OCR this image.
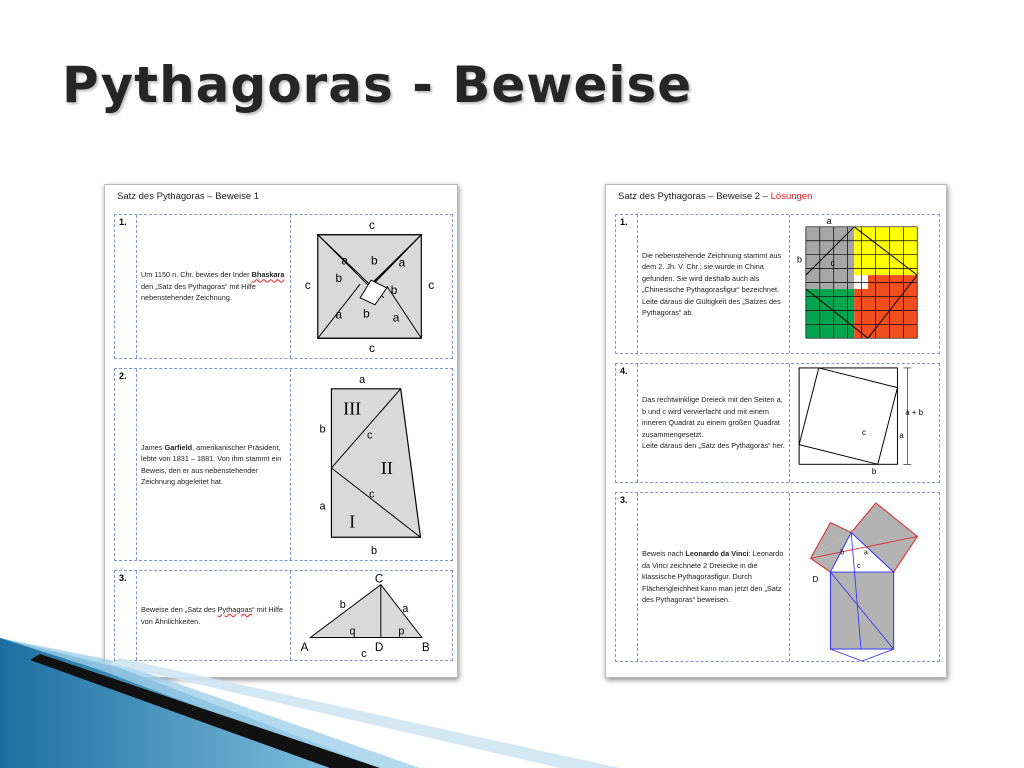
Pythagoras - Beweise
Satz des Pythagoras – Beweise 1
1.
Um 1150 n. Chr. bewies der Inder Bhaskara den „Satz des Pythagoras“ mit Hilfe nebenstehender Zeichnung.
c
c
c	c
a b a
b
b
a b a
2.
James Garfield, amerikanischer Präsident, lebte von 1831 – 1881. Von ihm stammt ein Beweis, den er aus nebenstehender Zeichnung abgeleitet hat.
a
b
b
a
c
c
III
II
I
3.
Beweise den „Satz des Pythagoas“ mit Hilfe von Ähnlichkeiten.
C
A	B
D
c
b	a
q	p
Satz des Pythagoras – Beweise 2 – Lösungen
1.
Die nebenstehende Zeichnung stammt aus dem 2. Jh. V. Chr.; sie wurde in China gefunden. Sie wird deshalb auch als „Chinesische Pythagorasfigur“ bezeichnet.
Leite daraus die Gültigkeit des „Satzes des Pythagoras“ ab.
a
b	c
4.
Das rechtwinklige Dreieck mit den Seiten a, b und c wird vervierfacht und mit einem inneren Quadrat zu einem großen Quadrat zusammengesetzt.
Leite daraus den „Satz des Pythagoras“ her.
a + b
a
b
c
3.
Beweis nach Leonardo da Vinci: Leonardo da Vinci zeichnete 2 Dreiecke in die klassische Pythagorasfigur. Durch Flächengleichheit kann man jetzt den „Satz des Pythagoras“ beweisen.
D
b	a
c
